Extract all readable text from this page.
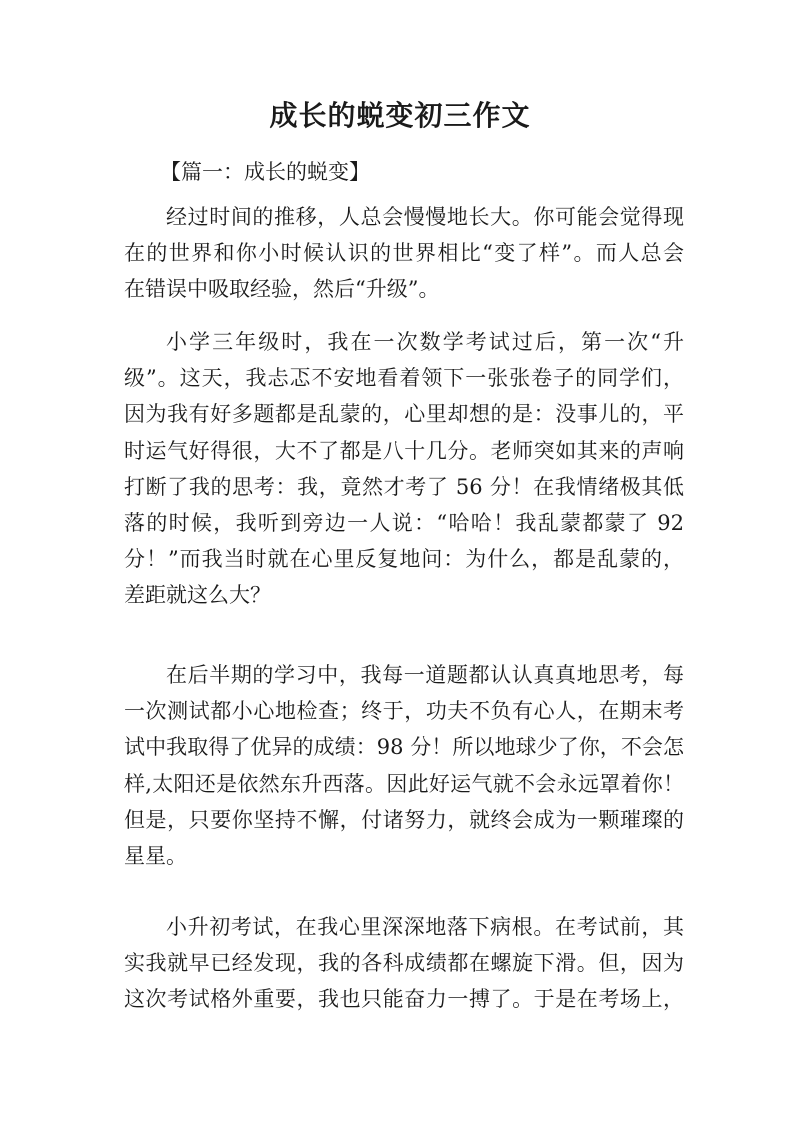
成长的蜕变初三作文
【篇一：成长的蜕变】
经过时间的推移，人总会慢慢地长大。你可能会觉得现
在的世界和你小时候认识的世界相比“变了样”。而人总会
在错误中吸取经验，然后“升级”。
小学三年级时，我在一次数学考试过后，第一次“升
级”。这天，我忐忑不安地看着领下一张张卷子的同学们，
因为我有好多题都是乱蒙的，心里却想的是：没事儿的，平
时运气好得很，大不了都是八十几分。老师突如其来的声响
打断了我的思考：我，竟然才考了 56 分！在我情绪极其低
落的时候，我听到旁边一人说：“哈哈！我乱蒙都蒙了 92
分！”而我当时就在心里反复地问：为什么，都是乱蒙的，
差距就这么大？
在后半期的学习中，我每一道题都认认真真地思考，每
一次测试都小心地检查；终于，功夫不负有心人，在期末考
试中我取得了优异的成绩：98 分！所以地球少了你，不会怎
样,太阳还是依然东升西落。因此好运气就不会永远罩着你！
但是，只要你坚持不懈，付诸努力，就终会成为一颗璀璨的
星星。
小升初考试，在我心里深深地落下病根。在考试前，其
实我就早已经发现，我的各科成绩都在螺旋下滑。但，因为
这次考试格外重要，我也只能奋力一搏了。于是在考场上，
